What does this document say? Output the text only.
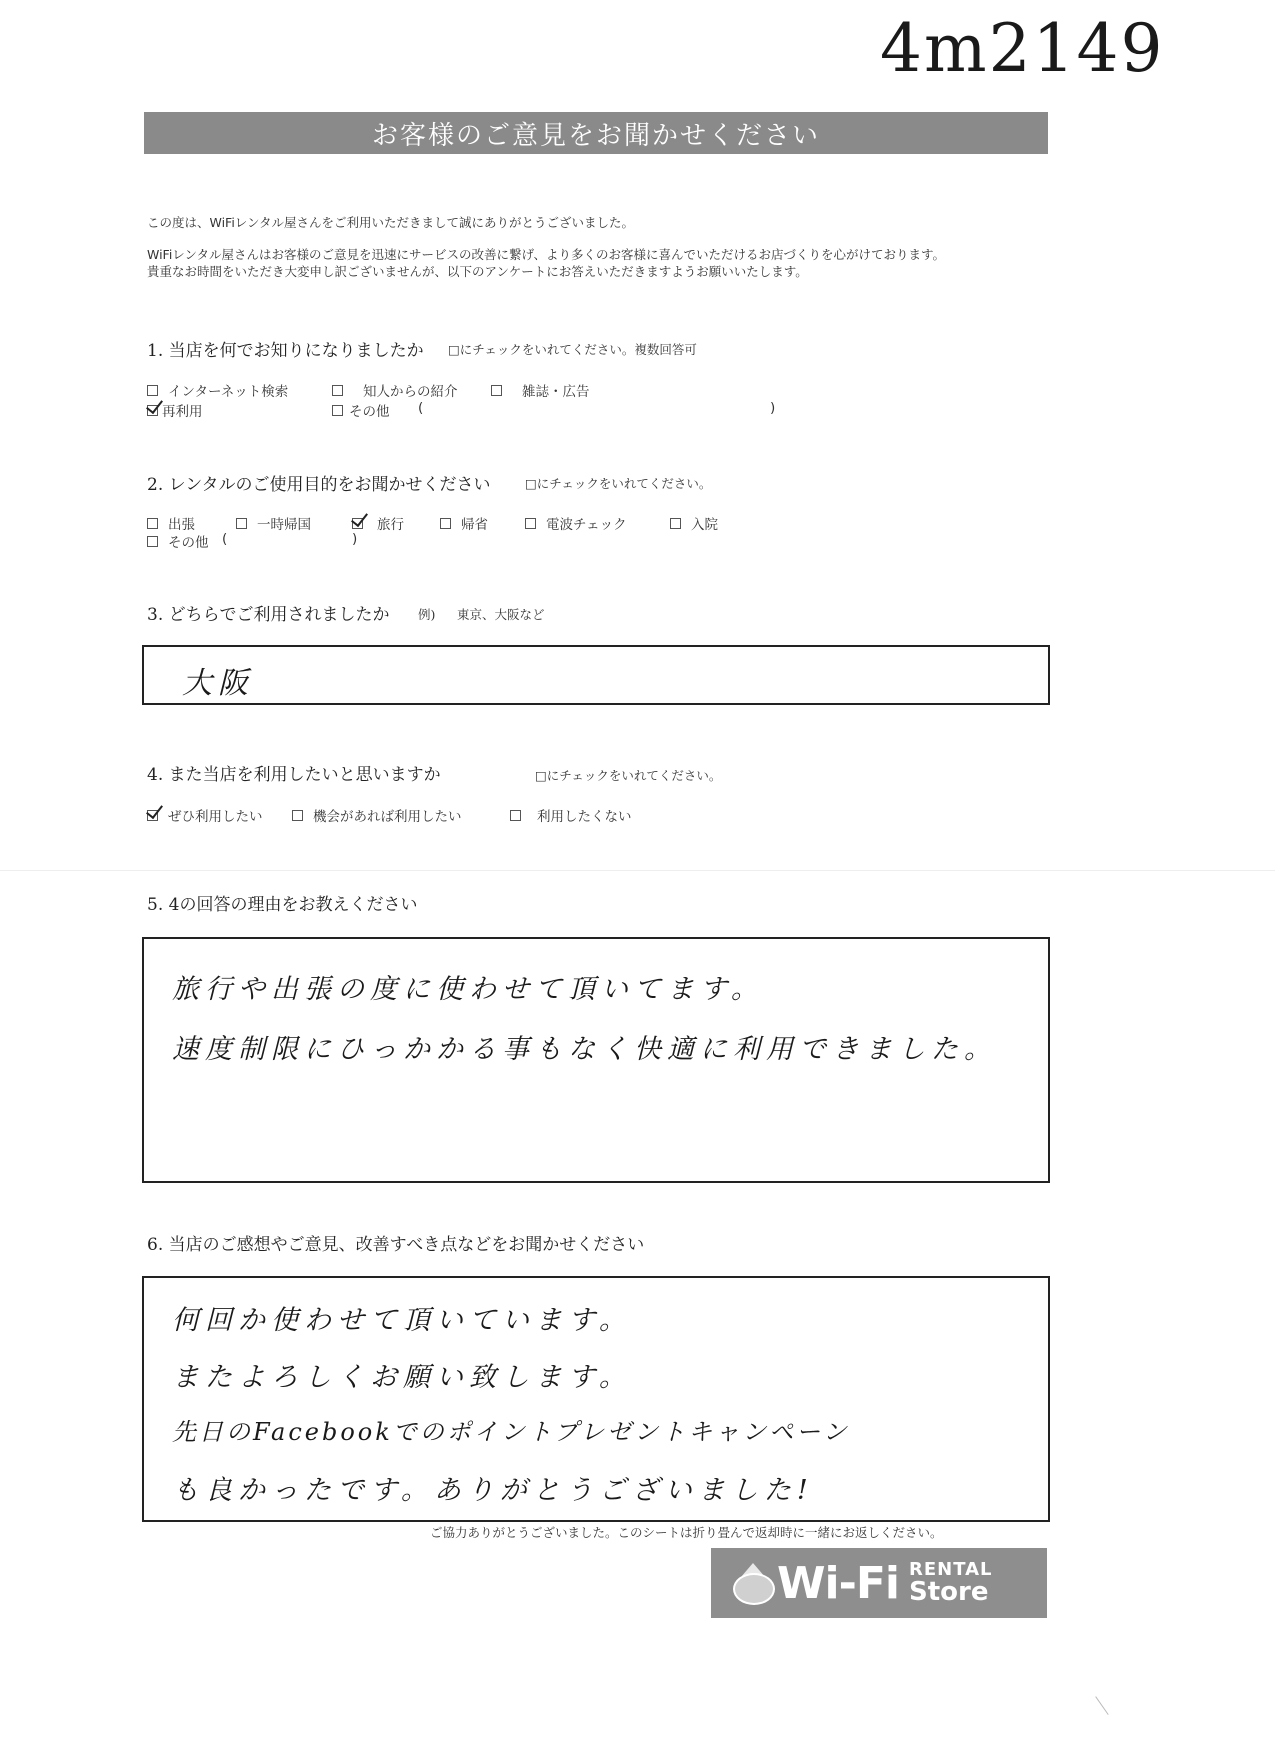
4m2149
お客様のご意見をお聞かせください
この度は、WiFiレンタル屋さんをご利用いただきまして誠にありがとうございました。
WiFiレンタル屋さんはお客様のご意見を迅速にサービスの改善に繋げ、より多くのお客様に喜んでいただけるお店づくりを心がけております。
貴重なお時間をいただき大変申し訳ございませんが、以下のアンケートにお答えいただきますようお願いいたします。
1. 当店を何でお知りになりましたか □にチェックをいれてください。複数回答可
インターネット検索	知人からの紹介	雑誌・広告
再利用	その他 (	)
2. レンタルのご使用目的をお聞かせください	□にチェックをいれてください。
出張	一時帰国	旅行	帰省	電波チェック	入院
その他 (	)
3. どちらでご利用されましたか 例) 東京、大阪など
大阪
4. また当店を利用したいと思いますか	□にチェックをいれてください。
ぜひ利用したい	機会があれば利用したい	利用したくない
5. 4の回答の理由をお教えください
旅行や出張の度に使わせて頂いてます。
速度制限にひっかかる事もなく快適に利用できました。
6. 当店のご感想やご意見、改善すべき点などをお聞かせください
何回か使わせて頂いています。
またよろしくお願い致します。
先日のFacebookでのポイントプレゼントキャンペーン
も良かったです。ありがとうございました!
ご協力ありがとうございました。このシートは折り畳んで返却時に一緒にお返しください。
Wi-Fi RENTAL
Store
